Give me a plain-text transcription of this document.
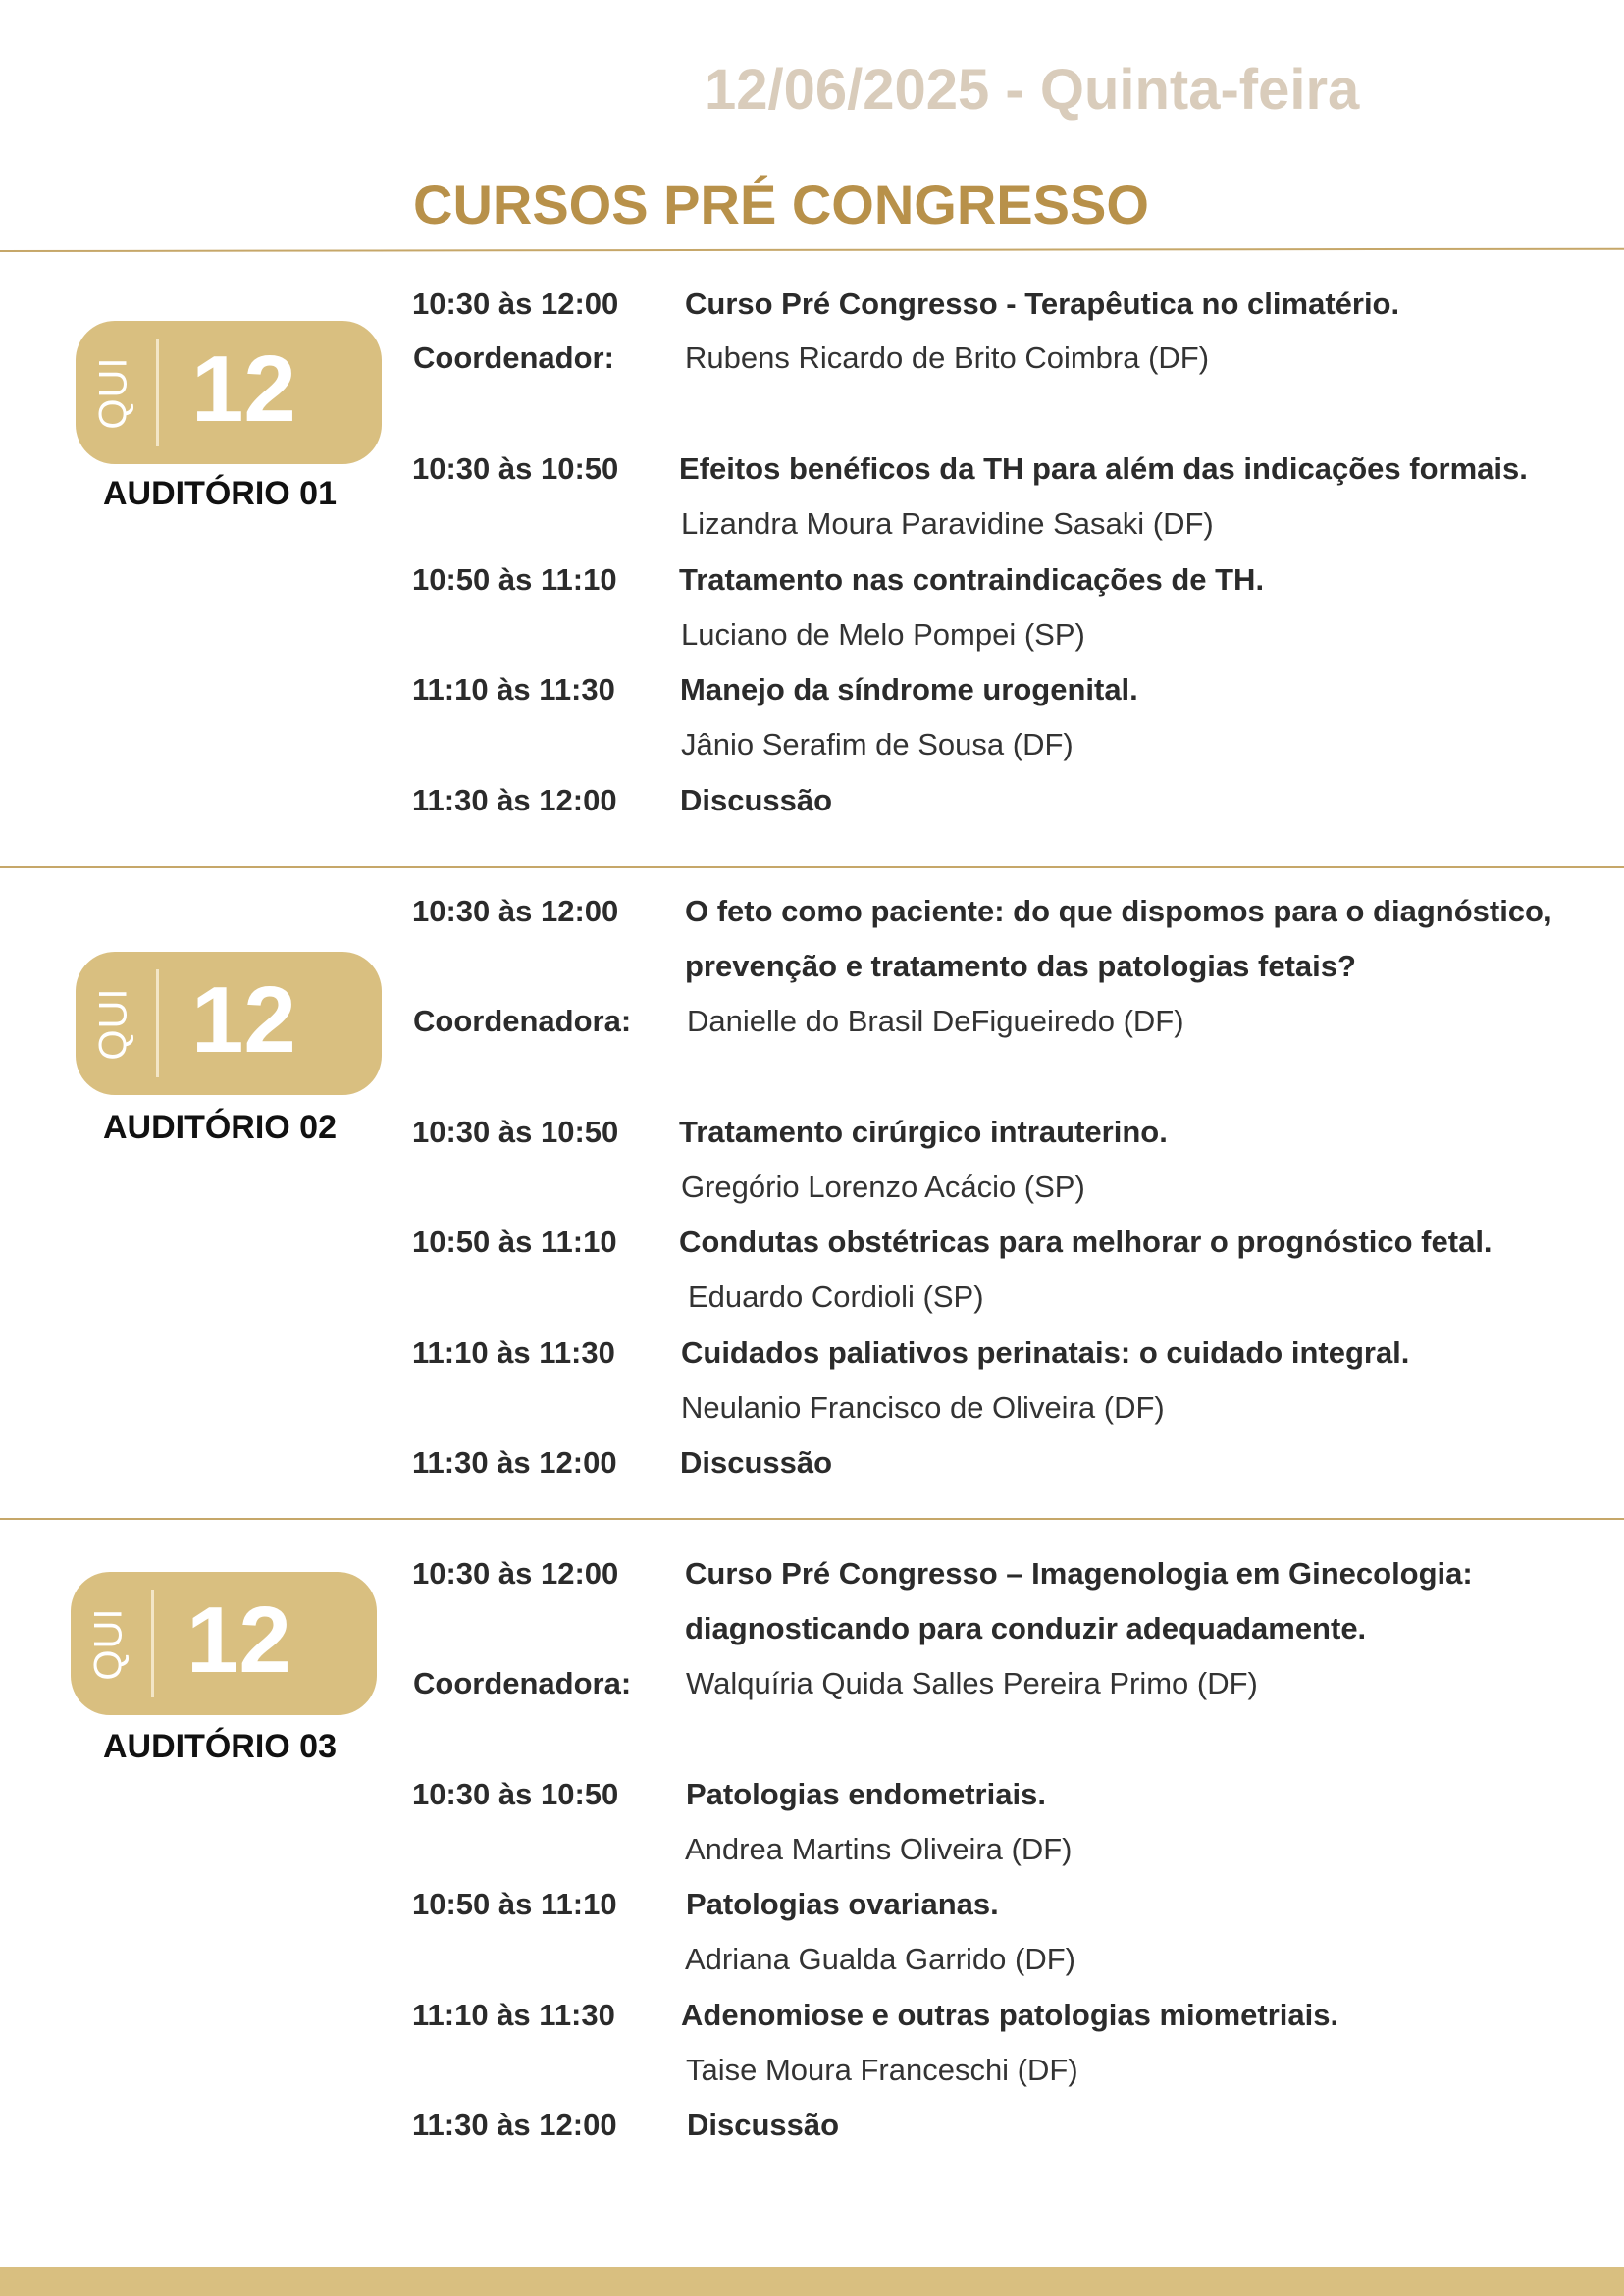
12/06/2025 - Quinta-feira
CURSOS PRÉ CONGRESSO
QUI 12
AUDITÓRIO 01
10:30 às 12:00 Curso Pré Congresso - Terapêutica no climatério.
Coordenador: Rubens Ricardo de Brito Coimbra (DF)
10:30 às 10:50 Efeitos benéficos da TH para além das indicações formais.
Lizandra Moura Paravidine Sasaki (DF)
10:50 às 11:10 Tratamento nas contraindicações de TH.
Luciano de Melo Pompei (SP)
11:10 às 11:30 Manejo da síndrome urogenital.
Jânio Serafim de Sousa (DF)
11:30 às 12:00 Discussão
QUI 12
AUDITÓRIO 02
10:30 às 12:00 O feto como paciente: do que dispomos para o diagnóstico,
prevenção e tratamento das patologias fetais?
Coordenadora: Danielle do Brasil DeFigueiredo (DF)
10:30 às 10:50 Tratamento cirúrgico intrauterino.
Gregório Lorenzo Acácio (SP)
10:50 às 11:10 Condutas obstétricas para melhorar o prognóstico fetal.
Eduardo Cordioli (SP)
11:10 às 11:30 Cuidados paliativos perinatais: o cuidado integral.
Neulanio Francisco de Oliveira (DF)
11:30 às 12:00 Discussão
QUI 12
AUDITÓRIO 03
10:30 às 12:00 Curso Pré Congresso – Imagenologia em Ginecologia:
diagnosticando para conduzir adequadamente.
Coordenadora: Walquíria Quida Salles Pereira Primo (DF)
10:30 às 10:50 Patologias endometriais.
Andrea Martins Oliveira (DF)
10:50 às 11:10 Patologias ovarianas.
Adriana Gualda Garrido (DF)
11:10 às 11:30 Adenomiose e outras patologias miometriais.
Taise Moura Franceschi (DF)
11:30 às 12:00 Discussão
